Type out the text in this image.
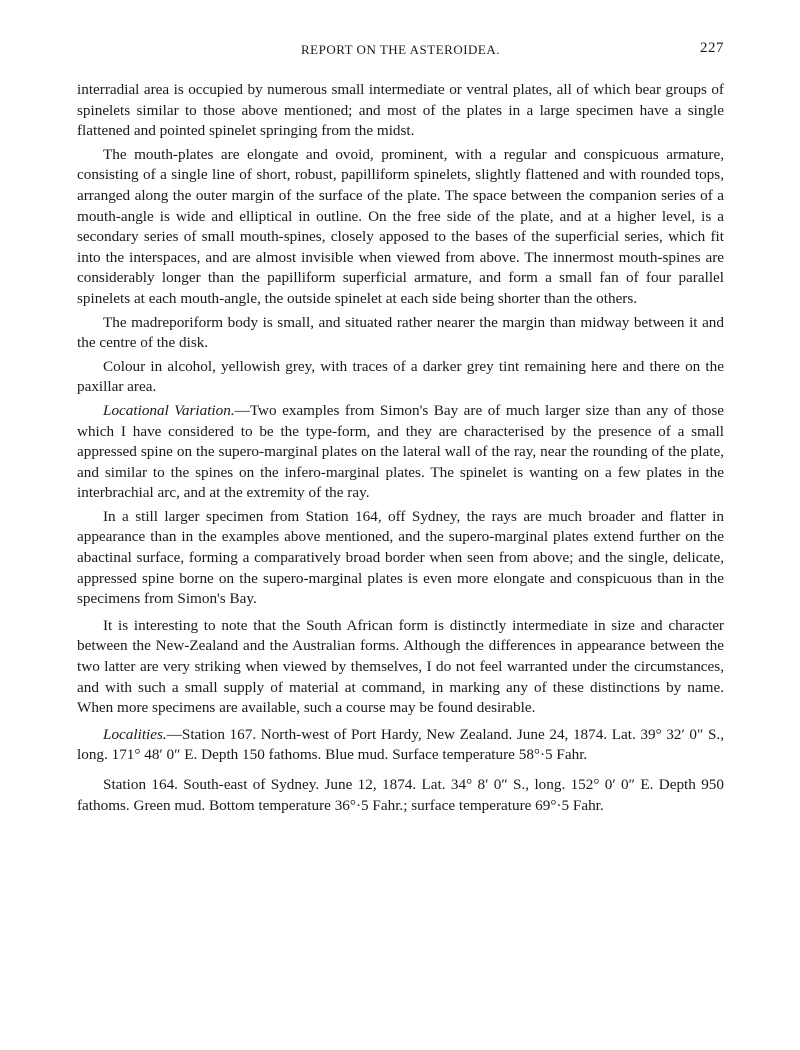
REPORT ON THE ASTEROIDEA.	227

interradial area is occupied by numerous small intermediate or ventral plates, all of which bear groups of spinelets similar to those above mentioned; and most of the plates in a large specimen have a single flattened and pointed spinelet springing from the midst.

The mouth-plates are elongate and ovoid, prominent, with a regular and conspicuous armature, consisting of a single line of short, robust, papilliform spinelets, slightly flattened and with rounded tops, arranged along the outer margin of the surface of the plate. The space between the companion series of a mouth-angle is wide and elliptical in outline. On the free side of the plate, and at a higher level, is a secondary series of small mouth-spines, closely apposed to the bases of the superficial series, which fit into the interspaces, and are almost invisible when viewed from above. The innermost mouth-spines are considerably longer than the papilliform superficial armature, and form a small fan of four parallel spinelets at each mouth-angle, the outside spinelet at each side being shorter than the others.

The madreporiform body is small, and situated rather nearer the margin than midway between it and the centre of the disk.

Colour in alcohol, yellowish grey, with traces of a darker grey tint remaining here and there on the paxillar area.

Locational Variation.—Two examples from Simon's Bay are of much larger size than any of those which I have considered to be the type-form, and they are characterised by the presence of a small appressed spine on the supero-marginal plates on the lateral wall of the ray, near the rounding of the plate, and similar to the spines on the infero-marginal plates. The spinelet is wanting on a few plates in the interbrachial arc, and at the extremity of the ray.

In a still larger specimen from Station 164, off Sydney, the rays are much broader and flatter in appearance than in the examples above mentioned, and the supero-marginal plates extend further on the abactinal surface, forming a comparatively broad border when seen from above; and the single, delicate, appressed spine borne on the supero-marginal plates is even more elongate and conspicuous than in the specimens from Simon's Bay.

It is interesting to note that the South African form is distinctly intermediate in size and character between the New-Zealand and the Australian forms. Although the differences in appearance between the two latter are very striking when viewed by themselves, I do not feel warranted under the circumstances, and with such a small supply of material at command, in marking any of these distinctions by name. When more specimens are available, such a course may be found desirable.

Localities.—Station 167. North-west of Port Hardy, New Zealand. June 24, 1874. Lat. 39° 32′ 0″ S., long. 171° 48′ 0″ E. Depth 150 fathoms. Blue mud. Surface temperature 58°·5 Fahr.

Station 164. South-east of Sydney. June 12, 1874. Lat. 34° 8′ 0″ S., long. 152° 0′ 0″ E. Depth 950 fathoms. Green mud. Bottom temperature 36°·5 Fahr.; surface temperature 69°·5 Fahr.
